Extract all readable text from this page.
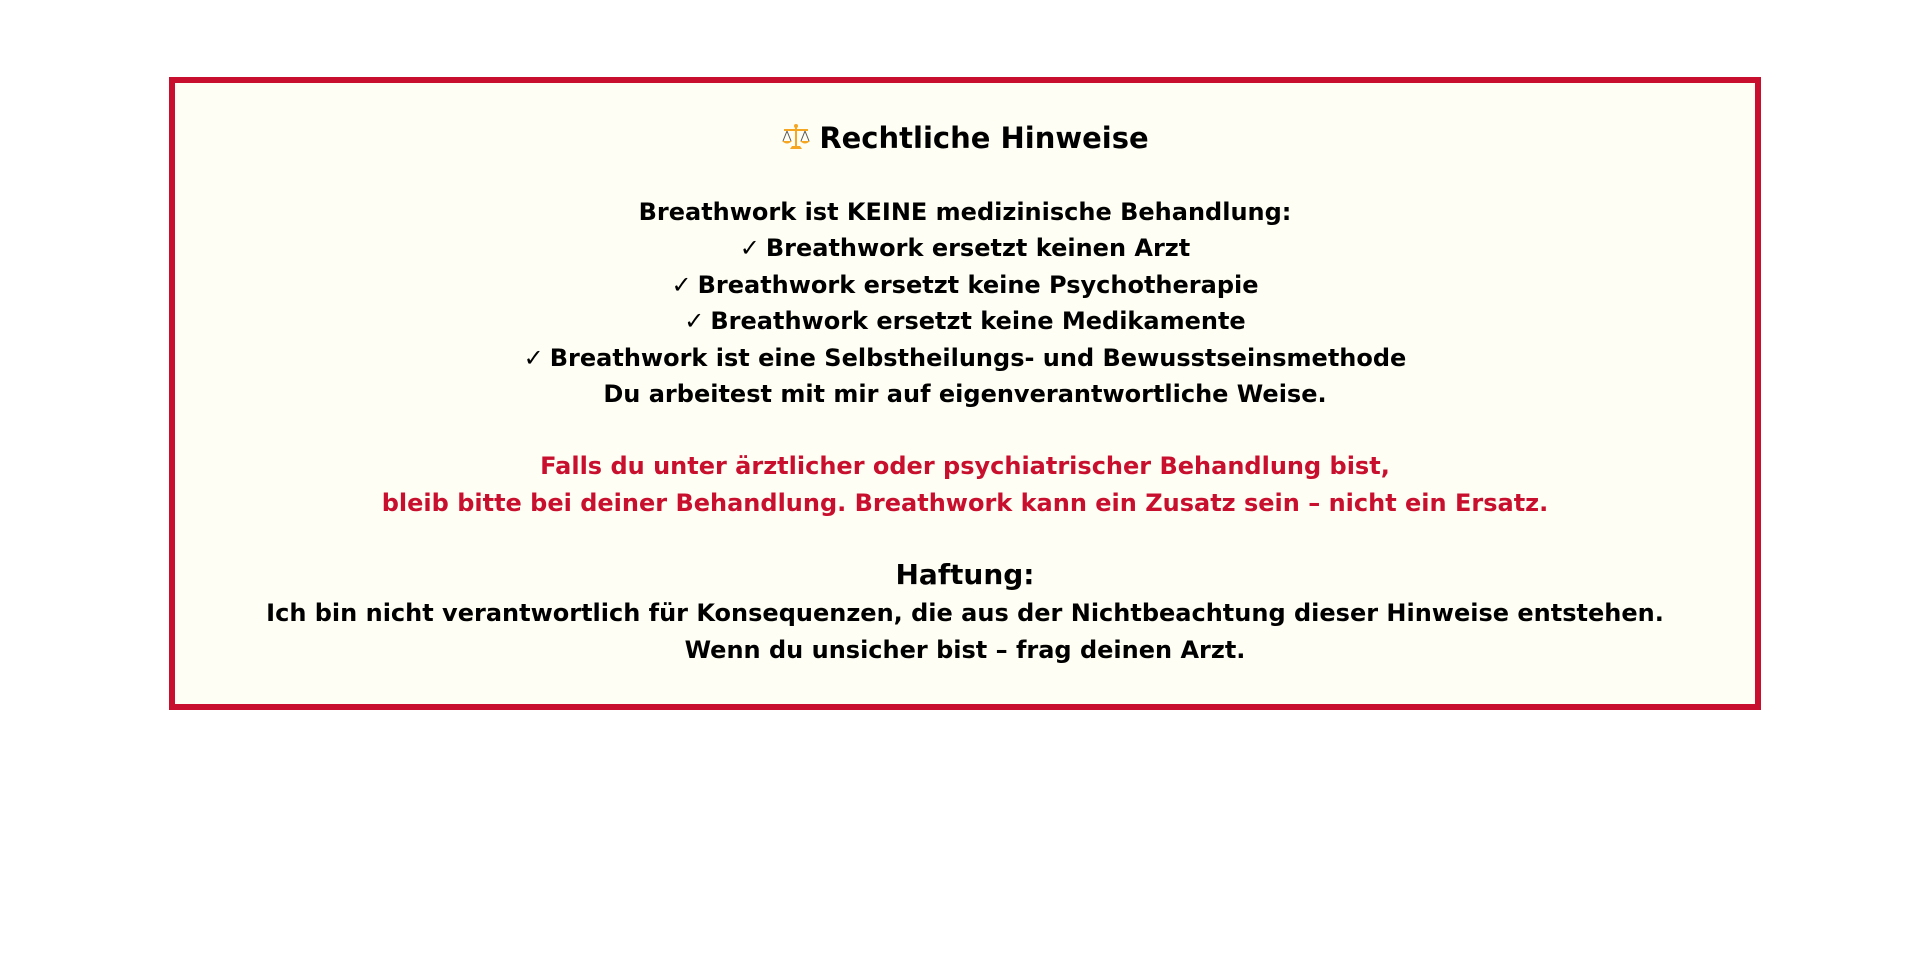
Rechtliche Hinweise
Breathwork ist KEINE medizinische Behandlung:
✓ Breathwork ersetzt keinen Arzt
✓ Breathwork ersetzt keine Psychotherapie
✓ Breathwork ersetzt keine Medikamente
✓ Breathwork ist eine Selbstheilungs- und Bewusstseinsmethode
Du arbeitest mit mir auf eigenverantwortliche Weise.
Falls du unter ärztlicher oder psychiatrischer Behandlung bist,
bleib bitte bei deiner Behandlung. Breathwork kann ein Zusatz sein – nicht ein Ersatz.
Haftung:
Ich bin nicht verantwortlich für Konsequenzen, die aus der Nichtbeachtung dieser Hinweise entstehen.
Wenn du unsicher bist – frag deinen Arzt.
